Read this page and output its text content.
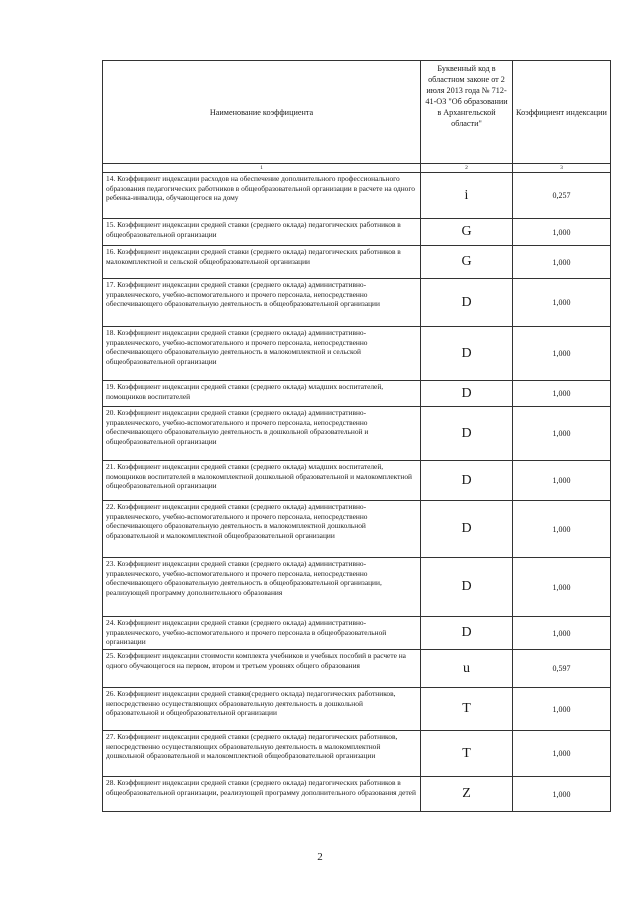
Наименование коэффициента	Буквенный код в областном законе от 2 июля 2013 года № 712-41-ОЗ "Об образовании в Архангельской области"	Коэффициент индексации
1	2	3
14. Коэффициент индексации расходов на обеспечение дополнительного профессионального образования педагогических работников в общеобразовательной организации в расчете на одного ребенка-инвалида, обучающегося на дому	i	0,257
15. Коэффициент индексации средней ставки (среднего оклада) педагогических работников в общеобразовательной организации	G	1,000
16. Коэффициент индексации средней ставки (среднего оклада) педагогических работников в малокомплектной и сельской общеобразовательной организации	G	1,000
17. Коэффициент индексации средней ставки (среднего оклада) административно-управленческого, учебно-вспомогательного и прочего персонала, непосредственно обеспечивающего образовательную деятельность в общеобразовательной организации	D	1,000
18. Коэффициент индексации средней ставки (среднего оклада) административно-управленческого, учебно-вспомогательного и прочего персонала, непосредственно обеспечивающего образовательную деятельность в малокомплектной и сельской общеобразовательной организации	D	1,000
19. Коэффициент индексации средней ставки (среднего оклада) младших воспитателей, помощников воспитателей	D	1,000
20. Коэффициент индексации средней ставки (среднего оклада) административно-управленческого, учебно-вспомогательного и прочего персонала, непосредственно обеспечивающего образовательную деятельность в дошкольной образовательной и общеобразовательной организации	D	1,000
21. Коэффициент индексации средней ставки (среднего оклада) младших воспитателей, помощников воспитателей в малокомплектной дошкольной образовательной и малокомплектной общеобразовательной организации	D	1,000
22. Коэффициент индексации средней ставки (среднего оклада) административно-управленческого, учебно-вспомогательного и прочего персонала, непосредственно обеспечивающего образовательную деятельность в малокомплектной дошкольной образовательной и малокомплектной общеобразовательной организации	D	1,000
23. Коэффициент индексации средней ставки (среднего оклада) административно-управленческого, учебно-вспомогательного и прочего персонала, непосредственно обеспечивающего образовательную деятельность в общеобразовательной организации, реализующей программу дополнительного образования	D	1,000
24. Коэффициент индексации средней ставки (среднего оклада) административно-управленческого, учебно-вспомогательного и прочего персонала в общеобразовательной организации	D	1,000
25. Коэффициент индексации стоимости комплекта учебников и учебных пособий в расчете на одного обучающегося на первом, втором и третьем уровнях общего образования	u	0,597
26. Коэффициент индексации средней ставки(среднего оклада) педагогических работников, непосредственно осуществляющих образовательную деятельность в дошкольной образовательной и общеобразовательной организации	T	1,000
27. Коэффициент индексации средней ставки (среднего оклада) педагогических работников, непосредственно осуществляющих образовательную деятельность в малокомплектной дошкольной образовательной и малокомплектной общеобразовательной организации	T	1,000
28. Коэффициент индексации средней ставки (среднего оклада) педагогических работников в общеобразовательной организации, реализующей программу дополнительного образования детей	Z	1,000
2
